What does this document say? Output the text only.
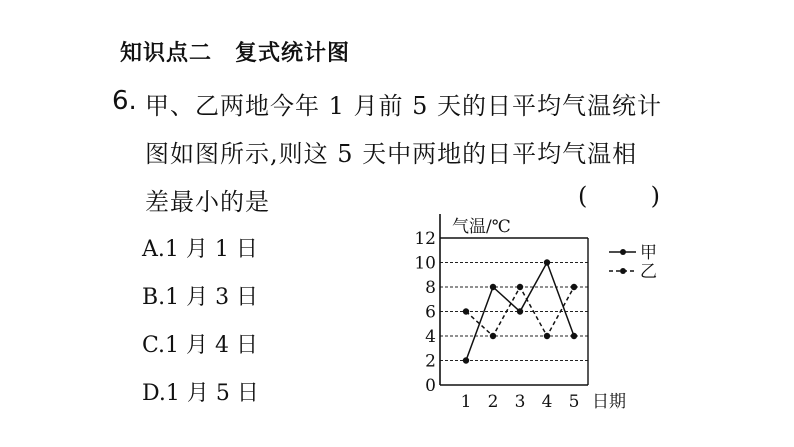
知识点二　复式统计图
6. 甲、乙两地今年 1 月前 5 天的日平均气温统计
图如图所示,则这 5 天中两地的日平均气温相
差最小的是	(	)
A.1 月 1 日
B.1 月 3 日
C.1 月 4 日
D.1 月 5 日	0
2
4
6
8
10
12
1 2 3 4 5
气温/℃
日期
甲
乙
